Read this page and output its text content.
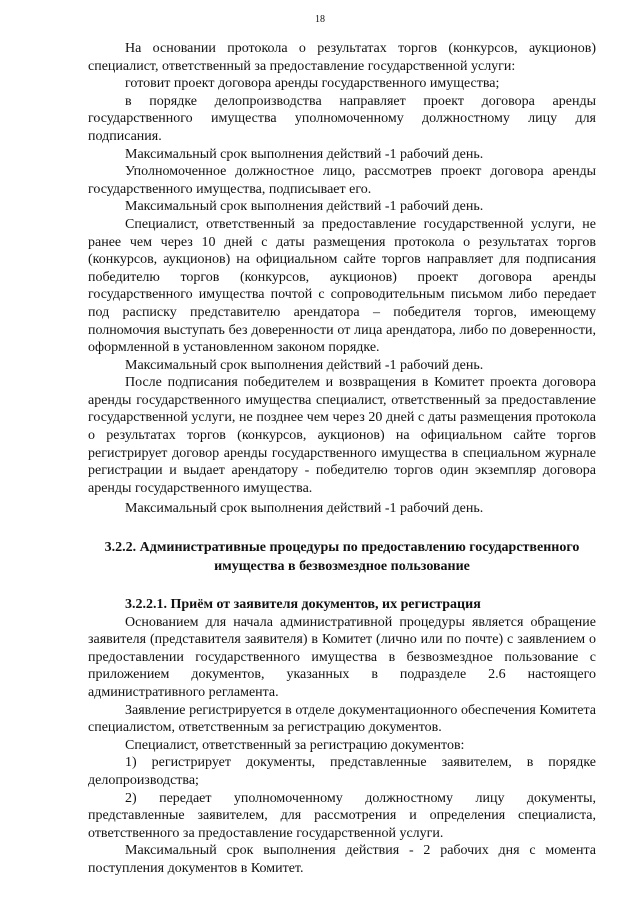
18

На основании протокола о результатах торгов (конкурсов, аукционов) специалист, ответственный за предоставление государственной услуги:

готовит проект договора аренды государственного имущества;

в порядке делопроизводства направляет проект договора аренды государственного имущества уполномоченному должностному лицу для подписания.

Максимальный срок выполнения действий -1 рабочий день.

Уполномоченное должностное лицо, рассмотрев проект договора аренды государственного имущества, подписывает его.

Максимальный срок выполнения действий -1 рабочий день.

Специалист, ответственный за предоставление государственной услуги, не ранее чем через 10 дней с даты размещения протокола о результатах торгов (конкурсов, аукционов) на официальном сайте торгов направляет для подписания победителю торгов (конкурсов, аукционов) проект договора аренды государственного имущества почтой с сопроводительным письмом либо передает под расписку представителю арендатора – победителя торгов, имеющему полномочия выступать без доверенности от лица арендатора, либо по доверенности, оформленной в установленном законом порядке.

Максимальный срок выполнения действий -1 рабочий день.

После подписания победителем и возвращения в Комитет проекта договора аренды государственного имущества специалист, ответственный за предоставление государственной услуги, не позднее чем через 20 дней с даты размещения протокола о результатах торгов (конкурсов, аукционов) на официальном сайте торгов регистрирует договор аренды государственного имущества в специальном журнале регистрации и выдает арендатору - победителю торгов один экземпляр договора аренды государственного имущества.

Максимальный срок выполнения действий -1 рабочий день.

3.2.2. Административные процедуры по предоставлению государственного имущества в безвозмездное пользование

3.2.2.1. Приём от заявителя документов, их регистрация

Основанием для начала административной процедуры является обращение заявителя (представителя заявителя) в Комитет (лично или по почте) с заявлением о предоставлении государственного имущества в безвозмездное пользование с приложением документов, указанных в подразделе 2.6 настоящего административного регламента.

Заявление регистрируется в отделе документационного обеспечения Комитета специалистом, ответственным за регистрацию документов.

Специалист, ответственный за регистрацию документов:

1) регистрирует документы, представленные заявителем, в порядке делопроизводства;

2) передает уполномоченному должностному лицу документы, представленные заявителем, для рассмотрения и определения специалиста, ответственного за предоставление государственной услуги.

Максимальный срок выполнения действия - 2 рабочих дня с момента поступления документов в Комитет.
